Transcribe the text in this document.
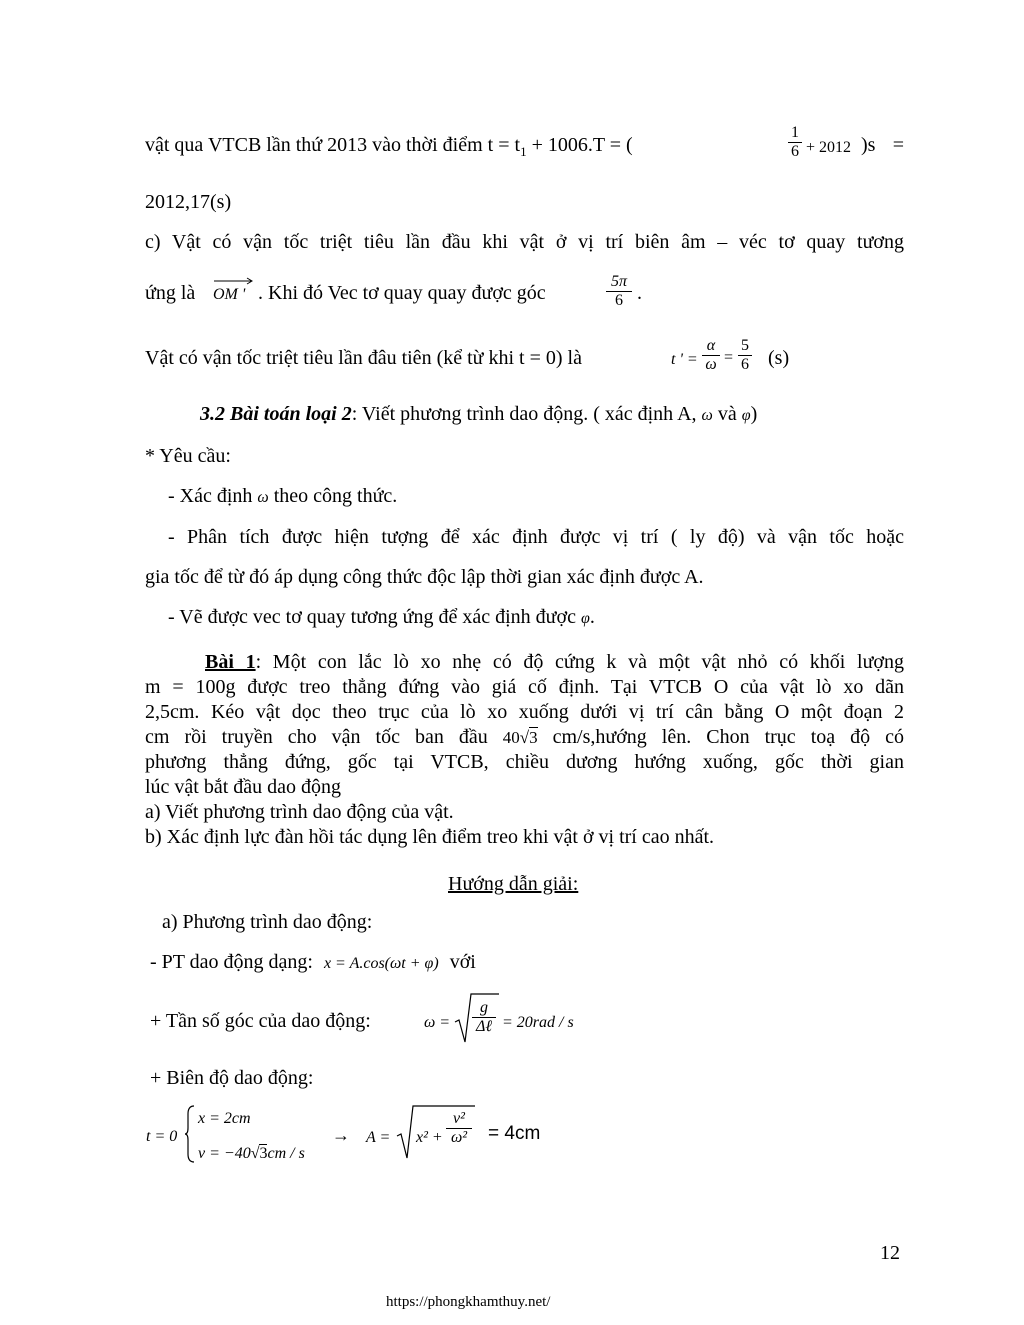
vật qua VTCB lần thứ 2013 vào thời điểm $t = t_1 + 1006.T$ = (
1
6 + 2012 )s =
2012,17(s)
c) Vật có vận tốc triệt tiêu lần đầu khi vật ở vị trí biên âm – véc tơ quay tương
ứng là OM ' . Khi đó Vec tơ quay quay được góc
5π
6 .
Vật có vận tốc triệt tiêu lần đâu tiên (kể từ khi t = 0) là	t ' =
α
ω =
5
6 (s)
3.2 Bài toán loại 2: Viết phương trình dao động. ( xác định A, ω và φ)
* Yêu cầu:
- Xác định ω theo công thức.
- Phân tích được hiện tượng để xác định được vị trí ( ly độ) và vận tốc hoặc
gia tốc để từ đó áp dụng công thức độc lập thời gian xác định được A.
- Vẽ được vec tơ quay tương ứng để xác định được φ.
Bài 1: Một con lắc lò xo nhẹ có độ cứng k và một vật nhỏ có khối lượng
m = 100g được treo thẳng đứng vào giá cố định. Tại VTCB O của vật lò xo dãn
2,5cm. Kéo vật dọc theo trục của lò xo xuống dưới vị trí cân bằng O một đoạn 2
cm rồi truyền cho vận tốc ban đầu 40√3 cm/s,hướng lên. Chon trục toạ độ có
phương thẳng đứng, gốc tại VTCB, chiều dương hướng xuống, gốc thời gian
lúc vật bắt đầu dao động
a) Viết phương trình dao động của vật.
b) Xác định lực đàn hồi tác dụng lên điểm treo khi vật ở vị trí cao nhất.
Hướng dẫn giải:
a) Phương trình dao động:
- PT dao động dạng: x = A.cos(ωt + φ) với
+ Tần số góc của dao động:	ω =
g
Δℓ = 20rad / s
+ Biên độ dao động:
t = 0
x = 2cm
v = −40√3cm / s
→ A = x² +
v²
ω² = 4cm
12
https://phongkhamthuy.net/
